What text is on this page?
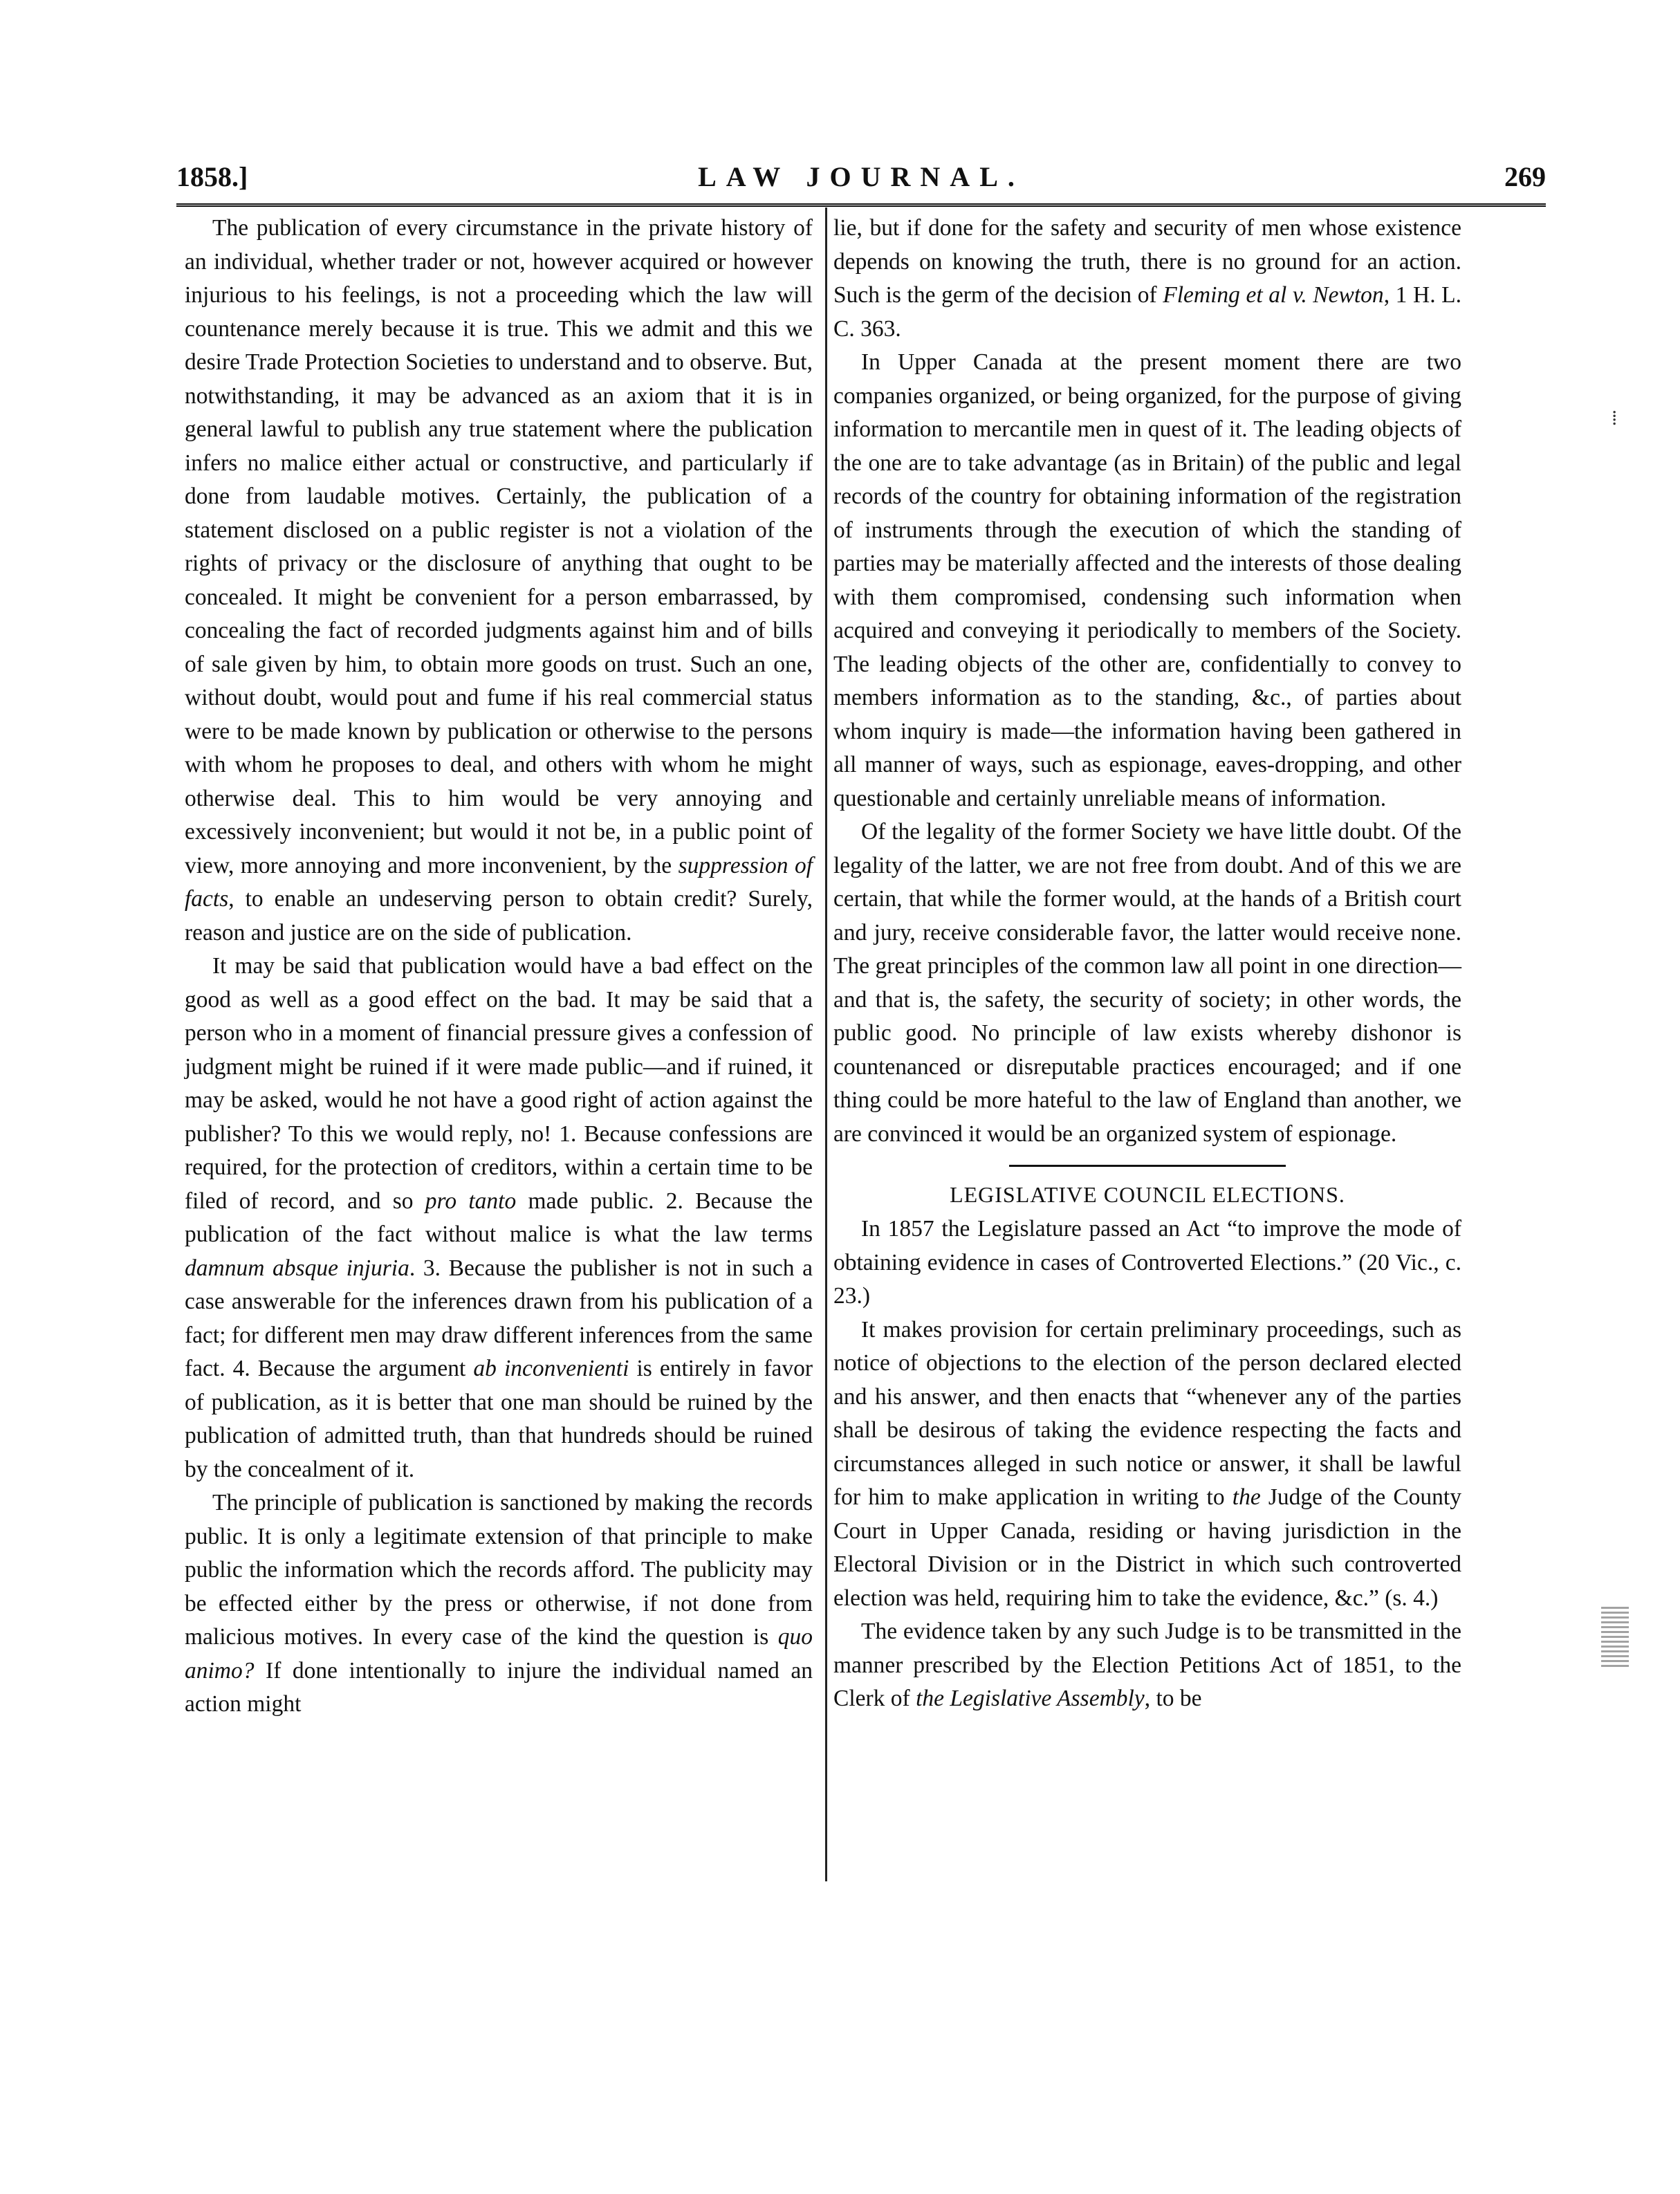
1858.]	LAW JOURNAL.	269

The publication of every circumstance in the private history of an individual, whether trader or not, however acquired or however injurious to his feelings, is not a proceeding which the law will countenance merely because it is true. This we admit and this we desire Trade Protection Societies to understand and to observe. But, notwithstanding, it may be advanced as an axiom that it is in general lawful to publish any true statement where the publication infers no malice either actual or constructive, and particularly if done from laudable motives. Certainly, the publication of a statement disclosed on a public register is not a violation of the rights of privacy or the disclosure of anything that ought to be concealed. It might be convenient for a person embarrassed, by concealing the fact of recorded judgments against him and of bills of sale given by him, to obtain more goods on trust. Such an one, without doubt, would pout and fume if his real commercial status were to be made known by publication or otherwise to the persons with whom he proposes to deal, and others with whom he might otherwise deal. This to him would be very annoying and excessively inconvenient; but would it not be, in a public point of view, more annoying and more inconvenient, by the suppression of facts, to enable an undeserving person to obtain credit? Surely, reason and justice are on the side of publication.

It may be said that publication would have a bad effect on the good as well as a good effect on the bad. It may be said that a person who in a moment of financial pressure gives a confession of judgment might be ruined if it were made public—and if ruined, it may be asked, would he not have a good right of action against the publisher? To this we would reply, no! 1. Because confessions are required, for the protection of creditors, within a certain time to be filed of record, and so pro tanto made public. 2. Because the publication of the fact without malice is what the law terms damnum absque injuria. 3. Because the publisher is not in such a case answerable for the inferences drawn from his publication of a fact; for different men may draw different inferences from the same fact. 4. Because the argument ab inconvenienti is entirely in favor of publication, as it is better that one man should be ruined by the publication of admitted truth, than that hundreds should be ruined by the concealment of it.

The principle of publication is sanctioned by making the records public. It is only a legitimate extension of that principle to make public the information which the records afford. The publicity may be effected either by the press or otherwise, if not done from malicious motives. In every case of the kind the question is quo animo? If done intentionally to injure the individual named an action might

lie, but if done for the safety and security of men whose existence depends on knowing the truth, there is no ground for an action. Such is the germ of the decision of Fleming et al v. Newton, 1 H. L. C. 363.

In Upper Canada at the present moment there are two companies organized, or being organized, for the purpose of giving information to mercantile men in quest of it. The leading objects of the one are to take advantage (as in Britain) of the public and legal records of the country for obtaining information of the registration of instruments through the execution of which the standing of parties may be materially affected and the interests of those dealing with them compromised, condensing such information when acquired and conveying it periodically to members of the Society. The leading objects of the other are, confidentially to convey to members information as to the standing, &c., of parties about whom inquiry is made—the information having been gathered in all manner of ways, such as espionage, eaves-dropping, and other questionable and certainly unreliable means of information.

Of the legality of the former Society we have little doubt. Of the legality of the latter, we are not free from doubt. And of this we are certain, that while the former would, at the hands of a British court and jury, receive considerable favor, the latter would receive none. The great principles of the common law all point in one direction—and that is, the safety, the security of society; in other words, the public good. No principle of law exists whereby dishonor is countenanced or disreputable practices encouraged; and if one thing could be more hateful to the law of England than another, we are convinced it would be an organized system of espionage.

LEGISLATIVE COUNCIL ELECTIONS.

In 1857 the Legislature passed an Act “to improve the mode of obtaining evidence in cases of Controverted Elections.” (20 Vic., c. 23.)

It makes provision for certain preliminary proceedings, such as notice of objections to the election of the person declared elected and his answer, and then enacts that “whenever any of the parties shall be desirous of taking the evidence respecting the facts and circumstances alleged in such notice or answer, it shall be lawful for him to make application in writing to the Judge of the County Court in Upper Canada, residing or having jurisdiction in the Electoral Division or in the District in which such controverted election was held, requiring him to take the evidence, &c.” (s. 4.)

The evidence taken by any such Judge is to be transmitted in the manner prescribed by the Election Petitions Act of 1851, to the Clerk of the Legislative Assembly, to be

⁞
